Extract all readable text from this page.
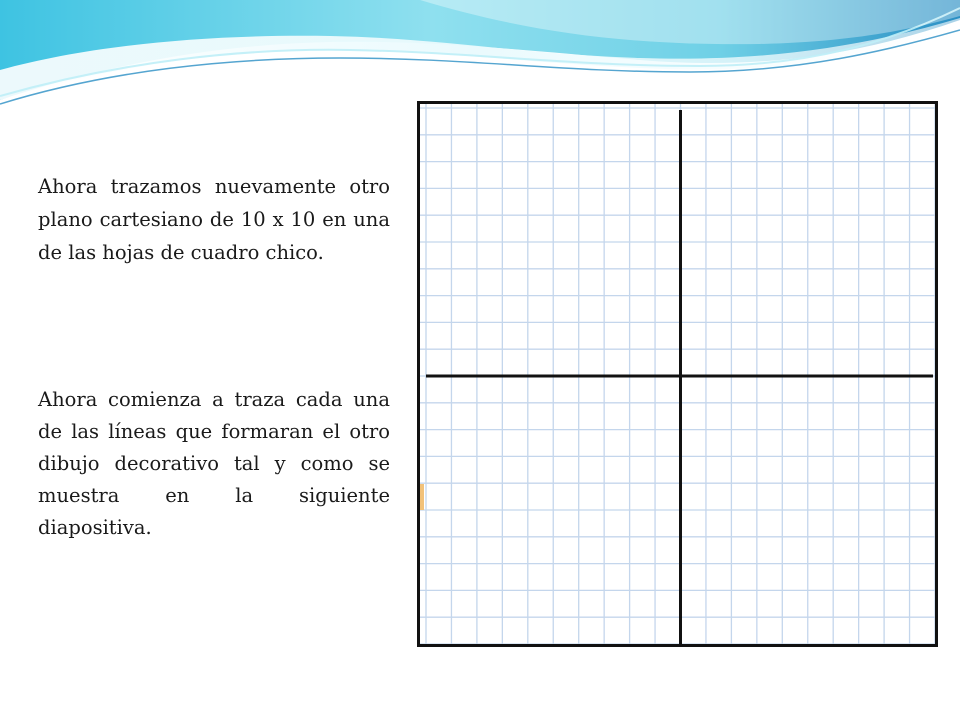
Ahora trazamos nuevamente otro plano cartesiano de 10 x 10 en una de las hojas de cuadro chico.

Ahora comienza a traza cada una de las líneas que formaran el otro dibujo decorativo tal y como se muestra en la siguiente diapositiva.
